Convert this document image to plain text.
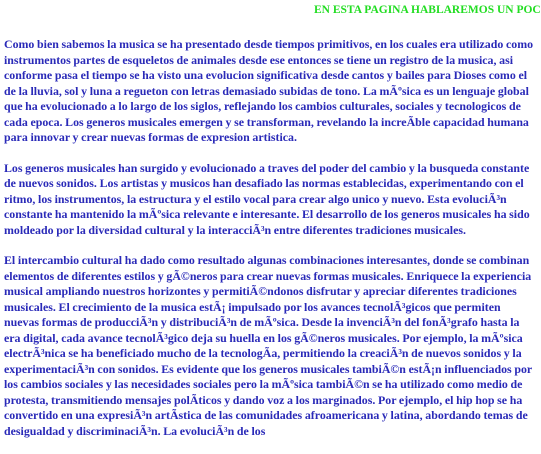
EN ESTA PAGINA HABLAREMOS UN POC

Como bien sabemos la musica se ha presentado desde tiempos primitivos, en los cuales era utilizado como instrumentos partes de esqueletos de animales desde ese entonces se tiene un registro de la musica, asi conforme pasa el tiempo se ha visto una evolucion significativa desde cantos y bailes para Dioses como el de la lluvia, sol y luna a regueton con letras demasiado subidas de tono. La mÃºsica es un lenguaje global que ha evolucionado a lo largo de los siglos, reflejando los cambios culturales, sociales y tecnologicos de cada epoca. Los generos musicales emergen y se transforman, revelando la increÃble capacidad humana para innovar y crear nuevas formas de expresion artistica.

Los generos musicales han surgido y evolucionado a traves del poder del cambio y la busqueda constante de nuevos sonidos. Los artistas y musicos han desafiado las normas establecidas, experimentando con el ritmo, los instrumentos, la estructura y el estilo vocal para crear algo unico y nuevo. Esta evoluciÃ³n constante ha mantenido la mÃºsica relevante e interesante. El desarrollo de los generos musicales ha sido moldeado por la diversidad cultural y la interacciÃ³n entre diferentes tradiciones musicales.

El intercambio cultural ha dado como resultado algunas combinaciones interesantes, donde se combinan elementos de diferentes estilos y gÃ©neros para crear nuevas formas musicales. Enriquece la experiencia musical ampliando nuestros horizontes y permitiÃ©ndonos disfrutar y apreciar diferentes tradiciones musicales. El crecimiento de la musica estÃ¡ impulsado por los avances tecnolÃ³gicos que permiten nuevas formas de producciÃ³n y distribuciÃ³n de mÃºsica. Desde la invenciÃ³n del fonÃ³grafo hasta la era digital, cada avance tecnolÃ³gico deja su huella en los gÃ©neros musicales. Por ejemplo, la mÃºsica electrÃ³nica se ha beneficiado mucho de la tecnologÃa, permitiendo la creaciÃ³n de nuevos sonidos y la experimentaciÃ³n con sonidos. Es evidente que los generos musicales tambiÃ©n estÃ¡n influenciados por los cambios sociales y las necesidades sociales pero la mÃºsica tambiÃ©n se ha utilizado como medio de protesta, transmitiendo mensajes polÃticos y dando voz a los marginados. Por ejemplo, el hip hop se ha convertido en una expresiÃ³n artÃstica de las comunidades afroamericana y latina, abordando temas de desigualdad y discriminaciÃ³n. La evoluciÃ³n de los
